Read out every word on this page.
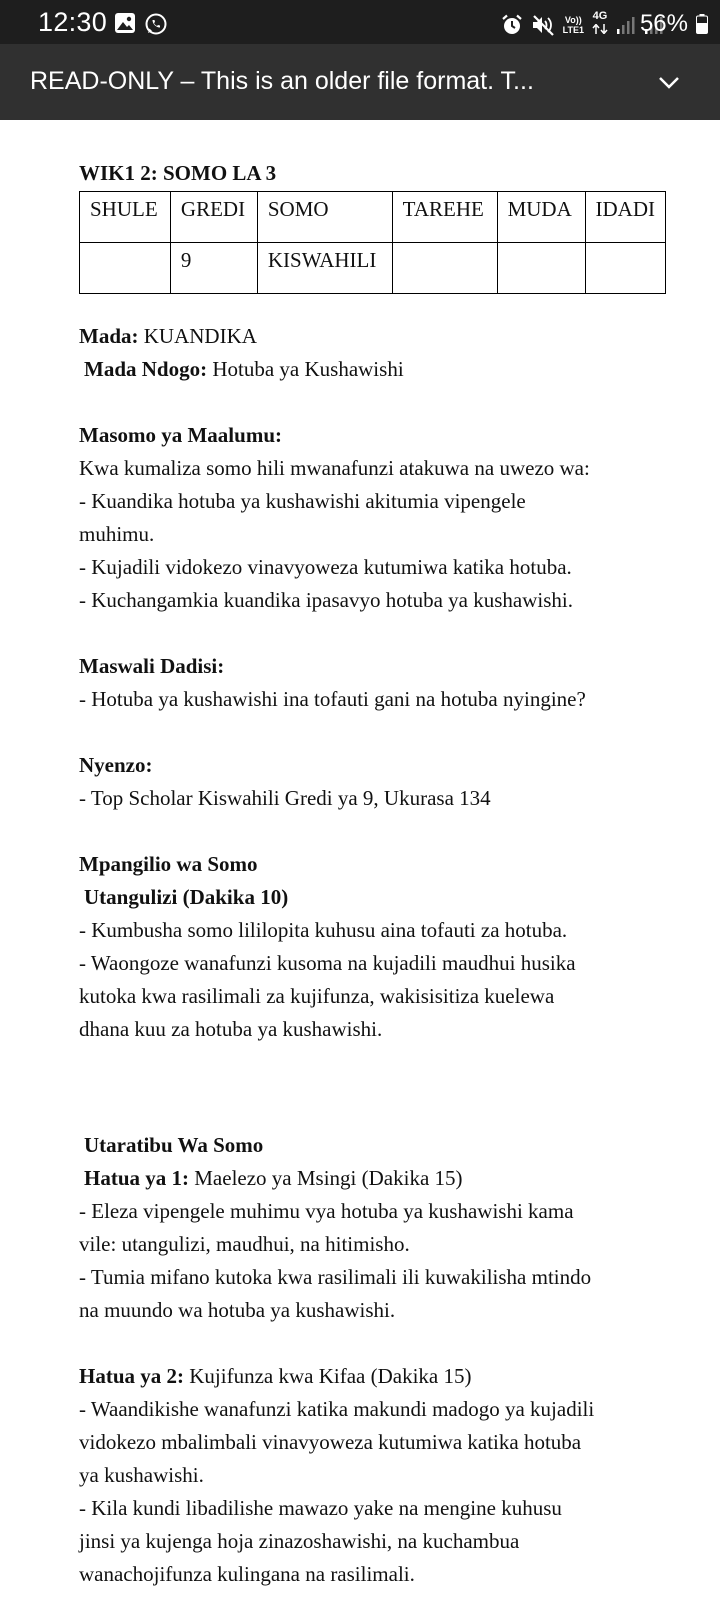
12:30	Vo))
LTE1
4G 56%
READ-ONLY – This is an older file format. T...
WIK1 2: SOMO LA 3
SHULE	GREDI	SOMO	TAREHE	MUDA	IDADI
	9	KISWAHILI			
Mada: KUANDIKA
Mada Ndogo: Hotuba ya Kushawishi
Masomo ya Maalumu:
Kwa kumaliza somo hili mwanafunzi atakuwa na uwezo wa:
- Kuandika hotuba ya kushawishi akitumia vipengele
muhimu.
- Kujadili vidokezo vinavyoweza kutumiwa katika hotuba.
- Kuchangamkia kuandika ipasavyo hotuba ya kushawishi.
Maswali Dadisi:
- Hotuba ya kushawishi ina tofauti gani na hotuba nyingine?
Nyenzo:
- Top Scholar Kiswahili Gredi ya 9, Ukurasa 134
Mpangilio wa Somo
Utangulizi (Dakika 10)
- Kumbusha somo lililopita kuhusu aina tofauti za hotuba.
- Waongoze wanafunzi kusoma na kujadili maudhui husika
kutoka kwa rasilimali za kujifunza, wakisisitiza kuelewa
dhana kuu za hotuba ya kushawishi.
Utaratibu Wa Somo
Hatua ya 1: Maelezo ya Msingi (Dakika 15)
- Eleza vipengele muhimu vya hotuba ya kushawishi kama
vile: utangulizi, maudhui, na hitimisho.
- Tumia mifano kutoka kwa rasilimali ili kuwakilisha mtindo
na muundo wa hotuba ya kushawishi.
Hatua ya 2: Kujifunza kwa Kifaa (Dakika 15)
- Waandikishe wanafunzi katika makundi madogo ya kujadili
vidokezo mbalimbali vinavyoweza kutumiwa katika hotuba
ya kushawishi.
- Kila kundi libadilishe mawazo yake na mengine kuhusu
jinsi ya kujenga hoja zinazoshawishi, na kuchambua
wanachojifunza kulingana na rasilimali.
